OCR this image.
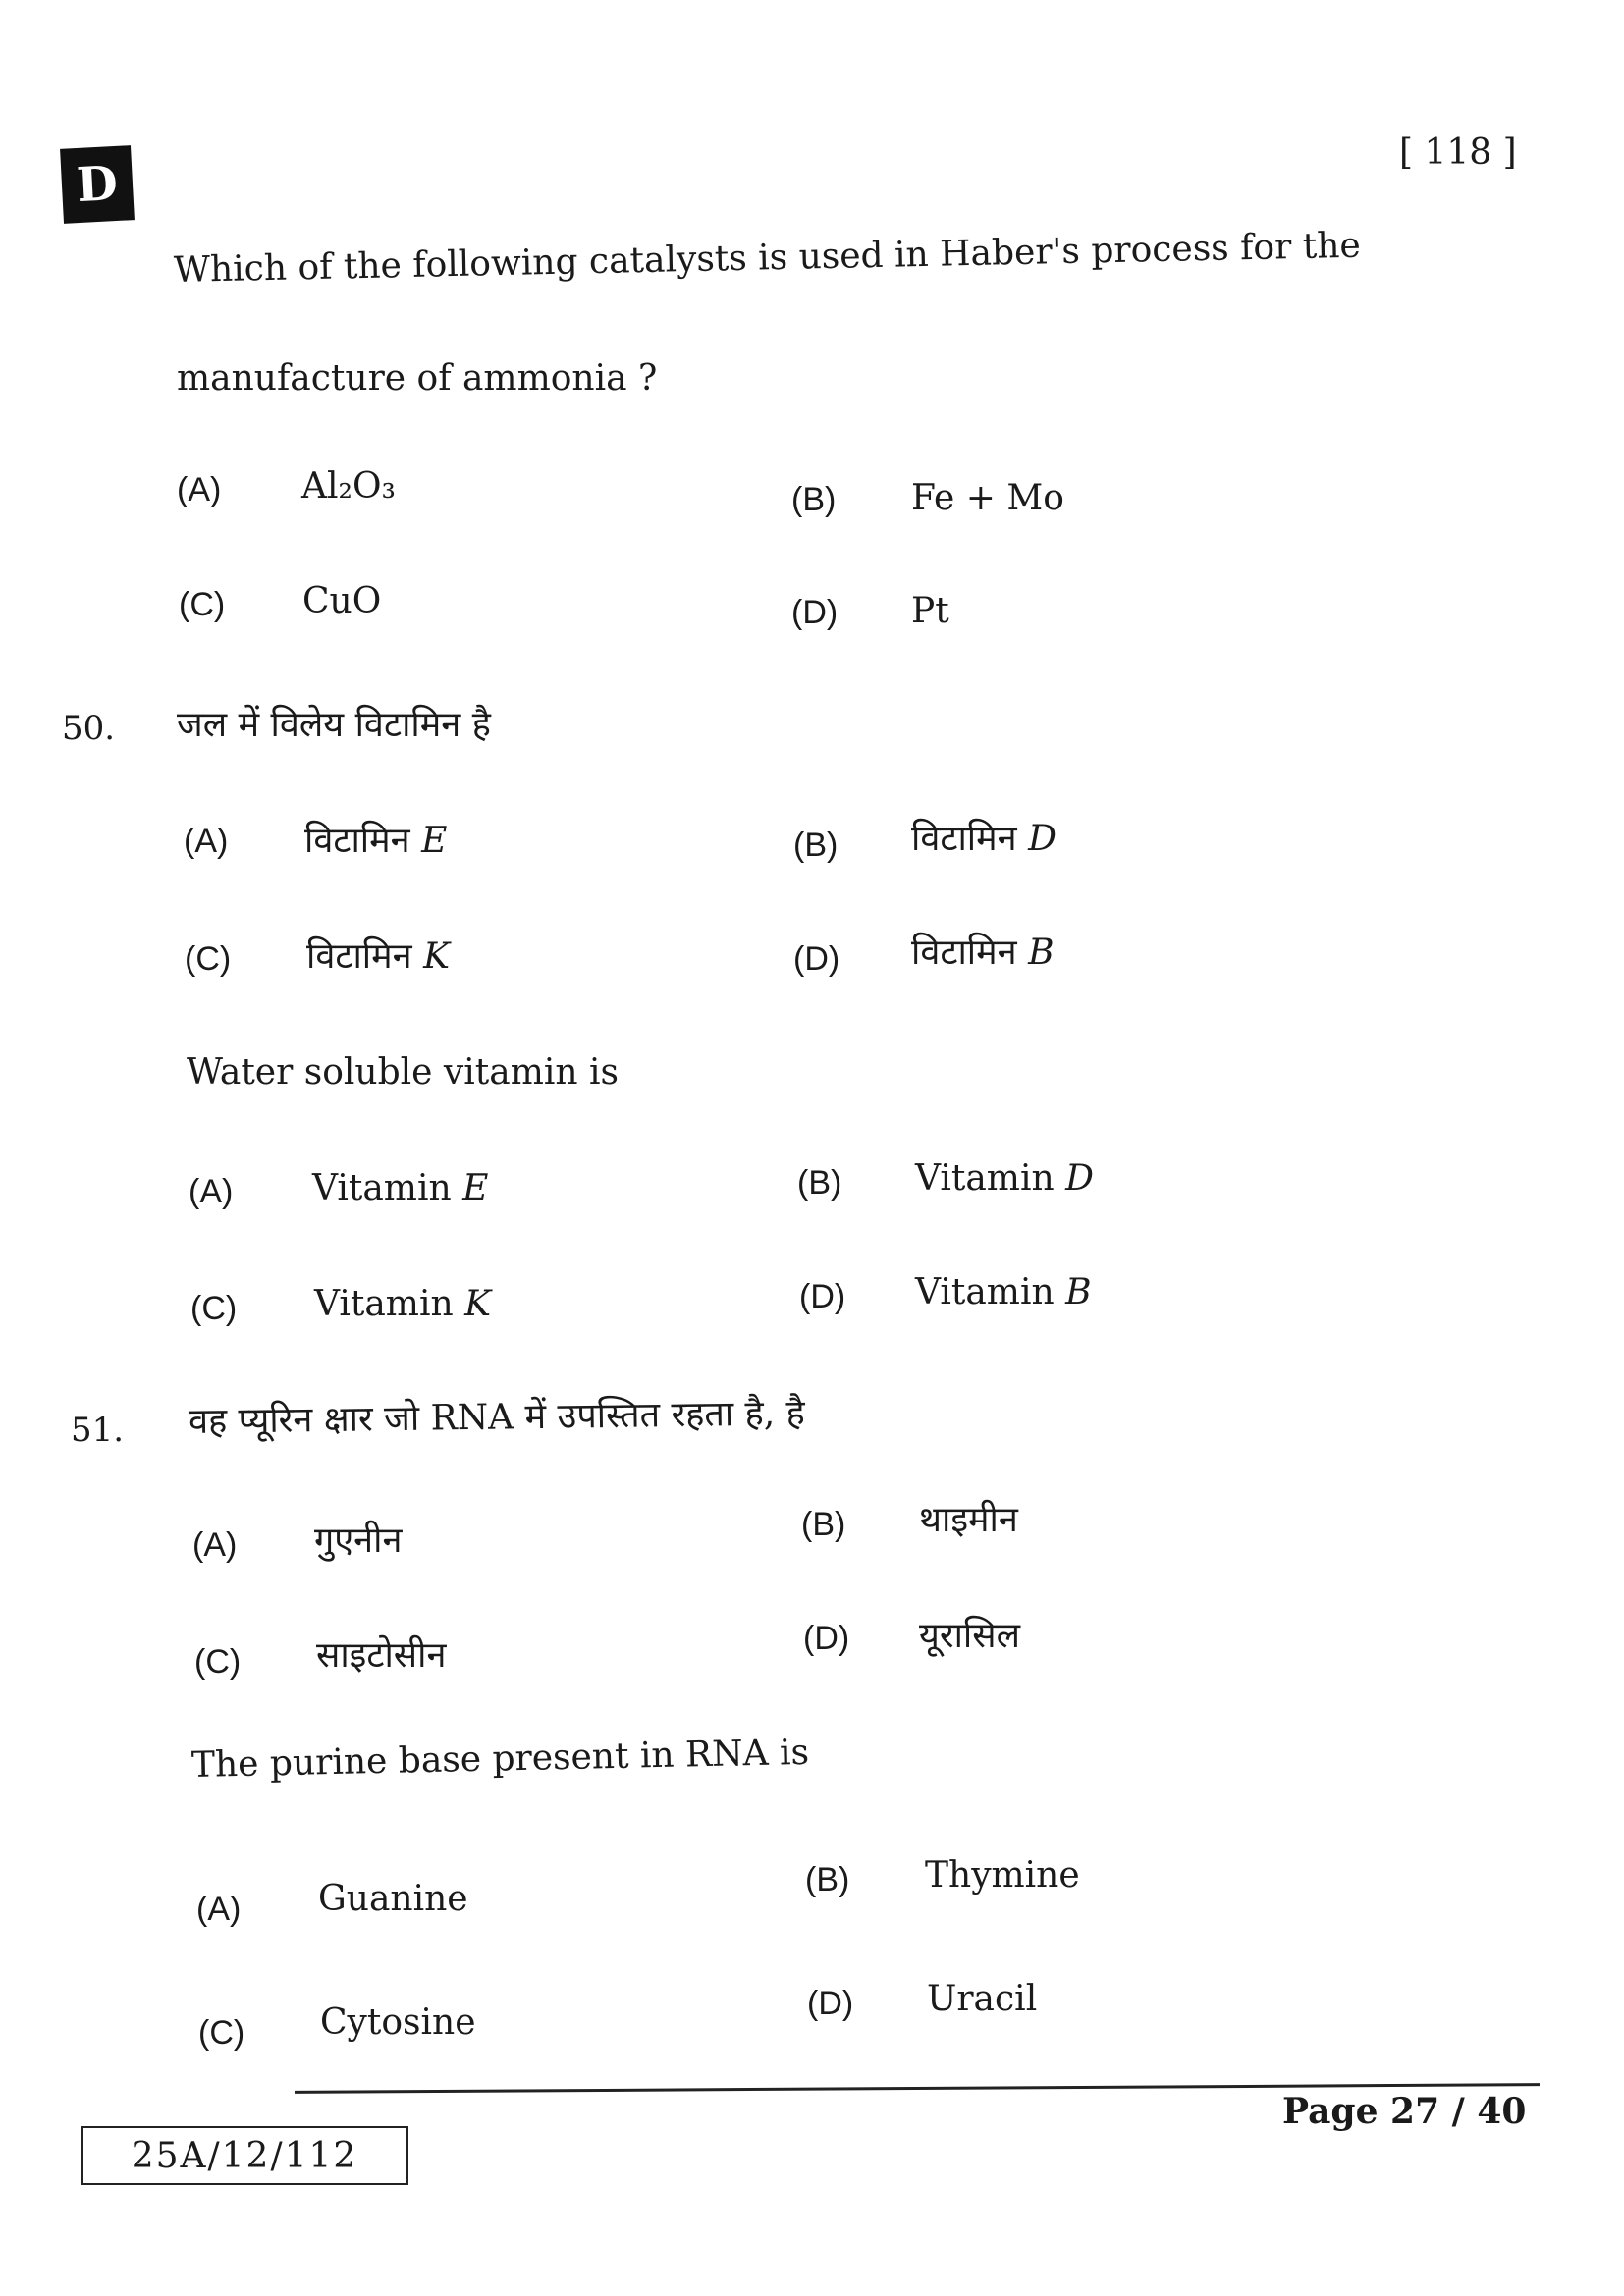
D
[ 118 ]
Which of the following catalysts is used in Haber's process for the
manufacture of ammonia ?
(A) Al₂O₃	(B) Fe + Mo
(C) CuO	(D) Pt
50. जल में विलेय विटामिन है
(A) विटामिन E	(B) विटामिन D
(C) विटामिन K	(D) विटामिन B
Water soluble vitamin is
(A) Vitamin E	(B) Vitamin D
(C) Vitamin K	(D) Vitamin B
51. वह प्यूरिन क्षार जो RNA में उपस्तित रहता है, है
(A) गुएनीन	(B) थाइमीन
(C) साइटोसीन	(D) यूरासिल
The purine base present in RNA is
(A) Guanine	(B) Thymine
(C) Cytosine	(D) Uracil
25A/12/112
Page 27 / 40
